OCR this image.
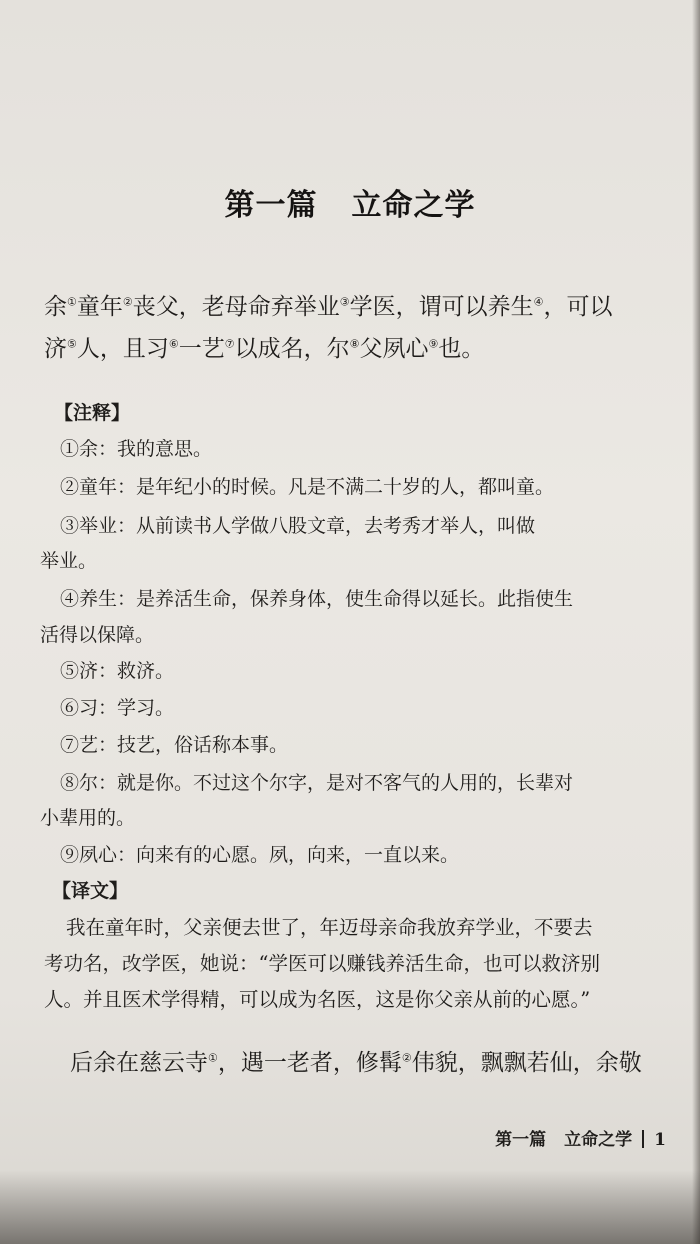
第一篇 立命之学
余①童年②丧父，老母命弃举业③学医，谓可以养生④，可以
济⑤人，且习⑥一艺⑦以成名，尔⑧父夙心⑨也。
【注释】
①余：我的意思。
②童年：是年纪小的时候。凡是不满二十岁的人，都叫童。
③举业：从前读书人学做八股文章，去考秀才举人，叫做
举业。
④养生：是养活生命，保养身体，使生命得以延长。此指使生
活得以保障。
⑤济：救济。
⑥习：学习。
⑦艺：技艺，俗话称本事。
⑧尔：就是你。不过这个尔字，是对不客气的人用的，长辈对
小辈用的。
⑨夙心：向来有的心愿。夙，向来，一直以来。
【译文】
我在童年时，父亲便去世了，年迈母亲命我放弃学业，不要去
考功名，改学医，她说：“学医可以赚钱养活生命，也可以救济别
人。并且医术学得精，可以成为名医，这是你父亲从前的心愿。”
后余在慈云寺①，遇一老者，修髯②伟貌，飘飘若仙，余敬
第一篇 立命之学 1
